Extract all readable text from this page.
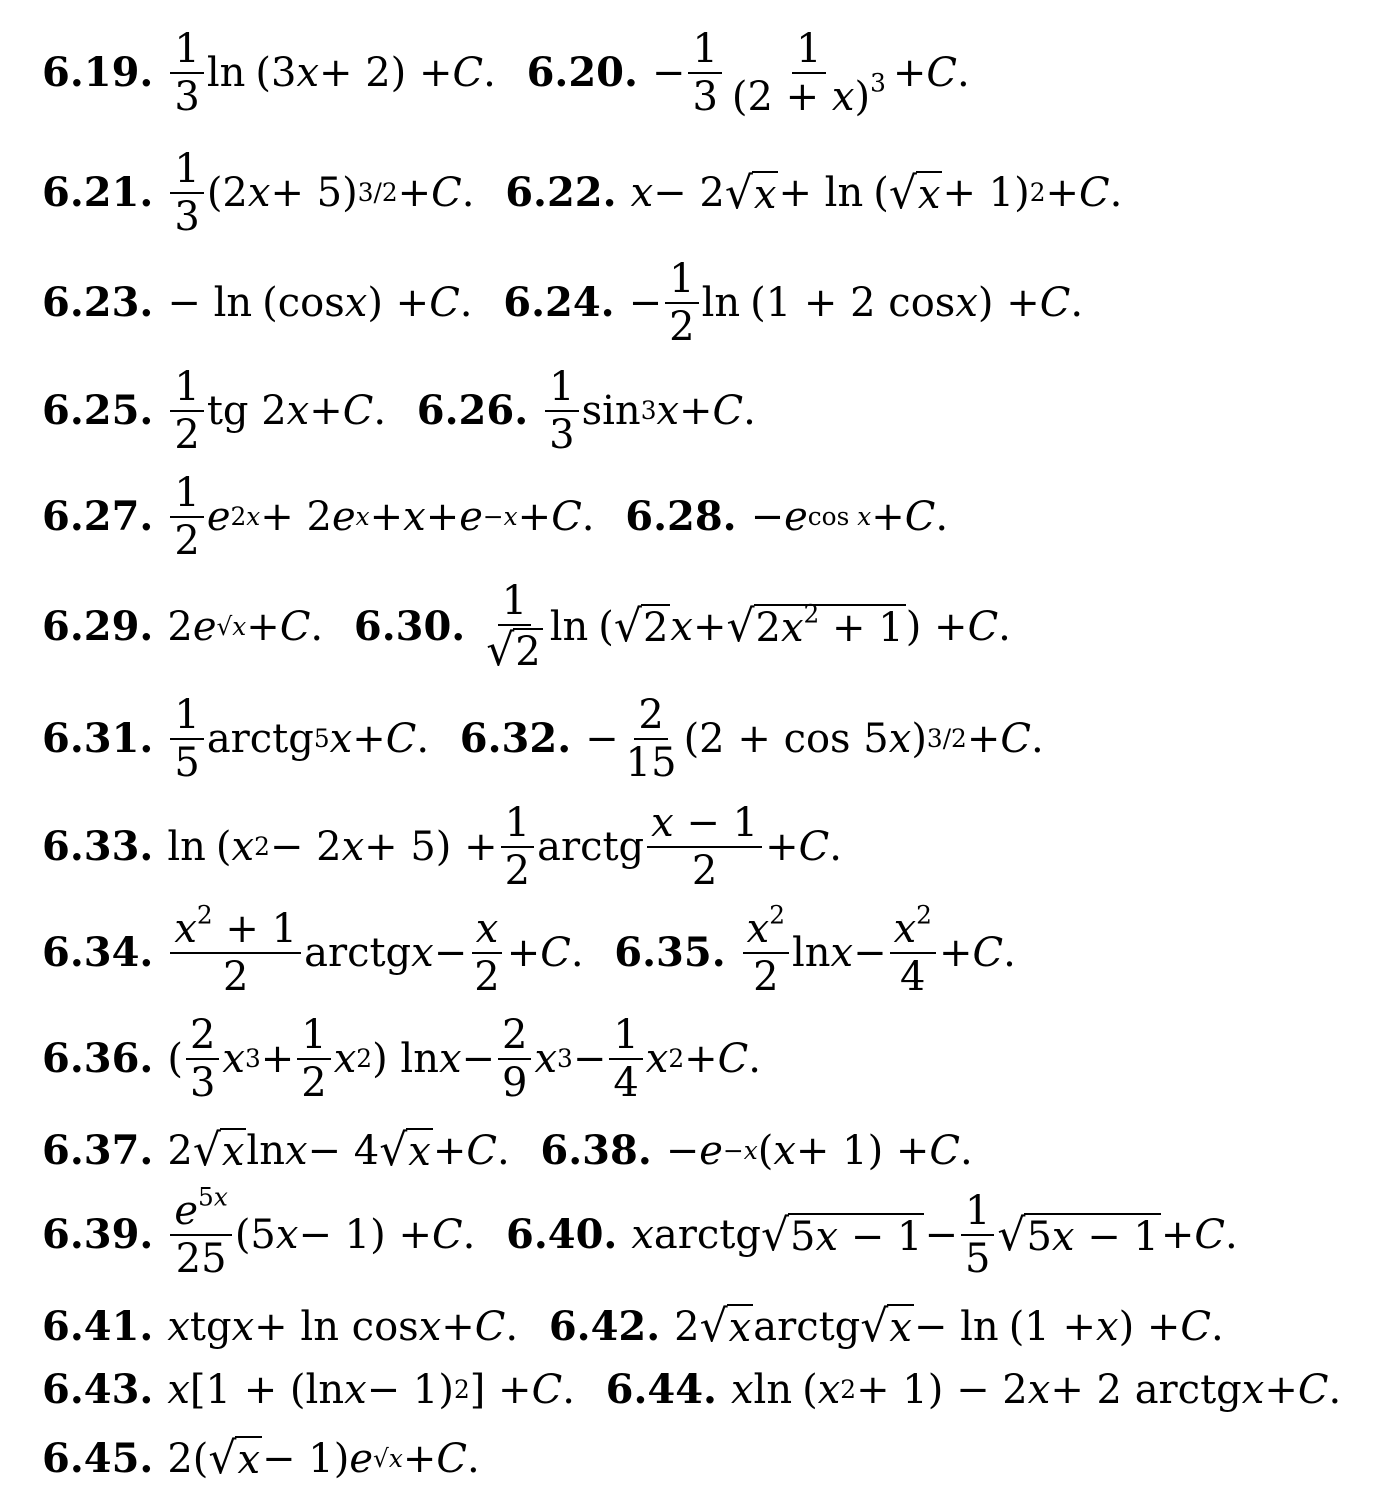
6.19. $\frac{1}{3}$ ln (3 x + 2) + C .
6.20. − $\frac{1}{3} \frac{1}{(2 + x)^3} + C$ .
6.21. $\frac{1}{3} (2$ x + 5) 3/2 + C .
6.22. x − 2 √ x + ln ( √ x + 1) 2 + C .
6.23. − ln (cos x ) + C .
6.24. − $\frac{1}{2}$ ln (1 + 2 cos x ) + C .
6.25. $\frac{1}{2}$ tg 2 x + C .
6.26. $\frac{1}{3}$ sin 3 x + C .
6.27. $\frac{1}{2}$ e 2x + 2 e x + x + e −x + C .
6.28. − e cos x + C .
6.29. 2 e √x + C .
6.30. $\frac{1}{√ 2}$ ln ( √ 2 x + √ $2x^2 + 1$ ) + C .
6.31. $\frac{1}{5}$ arctg 5 x + C .
6.32. − $\frac{2}{15} (2 + \cos 5$ x ) 3/2 + C .
6.33. ln ( x 2 − 2 $x + 5) + \frac{1}{2}$ arctg $\frac{x - 1}{2} + C$ .
6.34. $\frac{x^2 + 1}{2}$ arctg $x - \frac{x}{2} + C$ .
6.35. $\frac{x^2}{2}$ $\ln x - \frac{x^2}{4} + C$ .
6.36. ( $\frac{2}{3}$ x $3 + \frac{1}{2}$ x 2 ) $\ln x - \frac{2}{9}$ x $3 - \frac{1}{4}$ x 2 + C .
6.37. 2 √ x ln x − 4 √ x + C .
6.38. − e −x ( x + 1) + C .
6.39. $\frac{e^{5x}}{25} (5$ x − 1) + C .
6.40. x arctg √ $5x - 1 - \frac{1}{5}$ √ 5x − 1 + C .
6.41. x tg x + ln cos x + C .
6.42. 2 √ x arctg √ x − ln (1 + x ) + C .
6.43. x [1 + (ln x − 1) 2 ] + C .
6.44. x ln ( x 2 + 1) − 2 x + 2 arctg x + C .
6.45. 2( √ x − 1) e √x + C .
